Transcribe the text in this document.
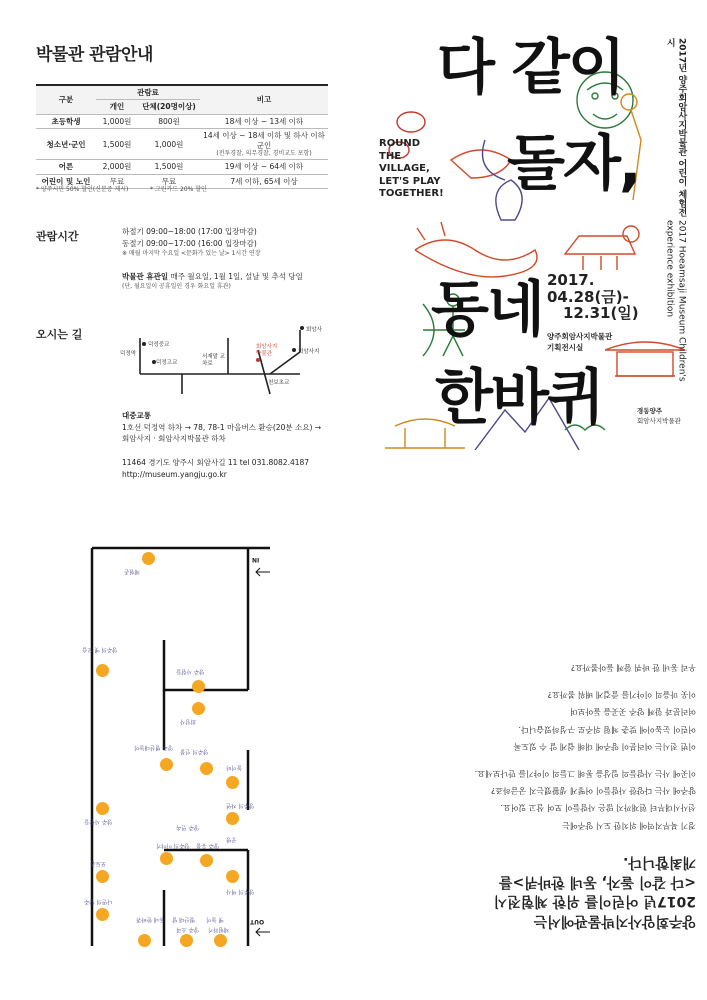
박물관 관람안내
구분	관람료		비고
	개인	단체(20명이상)	
초등학생	1,000원	800원	18세 이상 ~ 13세 이하
청소년·군인	1,500원	1,000원	14세 이상 ~ 18세 이하 및 하사 이하 군인
(전투경찰, 의무경찰, 경비교도 포함)

어른	2,000원	1,500원	19세 이상 ~ 64세 이하
어린이 및 노인	무료	무료	7세 이하, 65세 이상
* 양주시민 50% 할인(신분증 제시)	* 그린카드 20% 할인
관람시간	하절기 09:00~18:00 (17:00 입장마감)
동절기 09:00~17:00 (16:00 입장마감)
※ 매월 마지막 수요일 <문화가 있는 날> 1시간 연장
박물관 휴관일 매주 월요일, 1월 1일, 설날 및 추석 당일
(단, 월요일이 공휴일인 경우 화요일 휴관)
오시는 길
덕정역
덕정중교
덕정고교
서재말 교차로
회암사지 박물관
천보초교
회암사
회암사지
대중교통
1호선 덕정역 하차 → 78, 78-1 마을버스 환승(20분 소요) →
회암사지 · 회암사지박물관 하차
11464 경기도 양주시 회암사길 11 tel 031.8082.4187
http://museum.yangju.go.kr
다 같이
돌자,
동네
한바퀴
ROUND THE VILLAGE, LET'S PLAY TOGETHER!
2017.
04.28(금)-
12.31(일)
양주회암사지박물관
기획전시실
2017년 양주회암사지박물관 어린이 체험전시
2017 Hoeamsaji Museum Children's experience exhibition
경동양주
회암사지박물관
양주회암사지박물관에서는
2017년 어린이를 위한 체험전시
<다 같이 돌자, 동네 한바퀴>를
개최합니다.
경기 북부지역에 위치한 도시 양주에는
선사시대부터 현재까지 많은 사람들이 모여 살고 있어요.
양주에 사는 다양한 사람들이 어떻게 생활했는지 궁금하죠?
이곳에 사는 사람들의 일상을 통해 그들의 이야기를 만나보세요.
이번 전시는 여러분이 양주에 대해 쉽게 알 수 있도록
어린이 눈높이에 맞춘 체험 위주로 구성하였습니다.
여러분과 함께 양주 곳곳을 돌아보며
이웃 마을의 이야기를 즐겁게 배워 볼까요?
우리 동네 한 바퀴 함께 돌아볼까요?
IN
OUT
체험존
양주의 옛 모습
양주 사람들
회암사
양주 별산대놀이
양주의 인물
놀이터
양주 사람들
양주 민속
양주의 자연
공방
포토존
양주의 이야기 양주 유물
양주의 역사
나만의 양주
동네 한바퀴 별산대 탈 옛 놀이
양주 소리 체험하기
